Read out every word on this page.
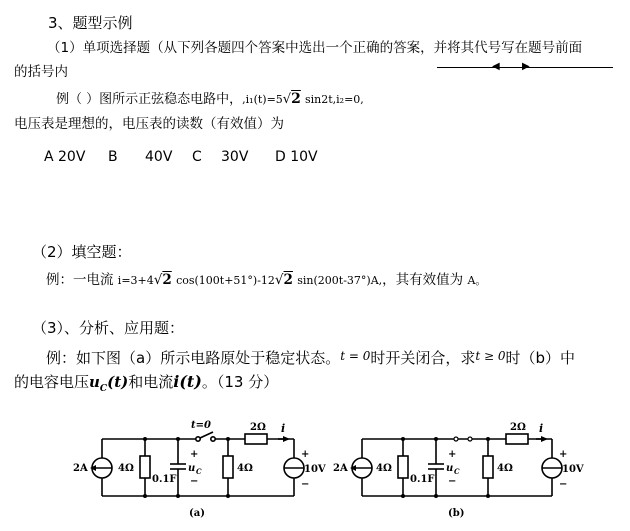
3、题型示例
（1）单项选择题（从下列各题四个答案中选出一个正确的答案，并将其代号写在题号前面
的括号内	◀ ▶
例（ ）图所示正弦稳态电路中，,i₁(t)=5√2 sin2t,i₂=0,
电压表是理想的，电压表的读数（有效值）为
A 20V B 40V C 30V D 10V
（2）填空题：
例：一电流 i=3+4√2 cos(100t+51°)-12√2 sin(200t-37°)A,，其有效值为 A。
（3）、分析、应用题：
例：如下图（a）所示电路原处于稳定状态。$^{t = 0}$时开关闭合，求$^{t \ge 0}$时（b）中
的电容电压$u_C(t)$和电流i(t)。（13 分）
2A	4Ω
0.1F
+
u C
−
t=0	2Ω i
4Ω
+
10V
−
(a)
2A	4Ω
0.1F
+
u C
−
2Ω i
4Ω
+
10V
−
(b)
